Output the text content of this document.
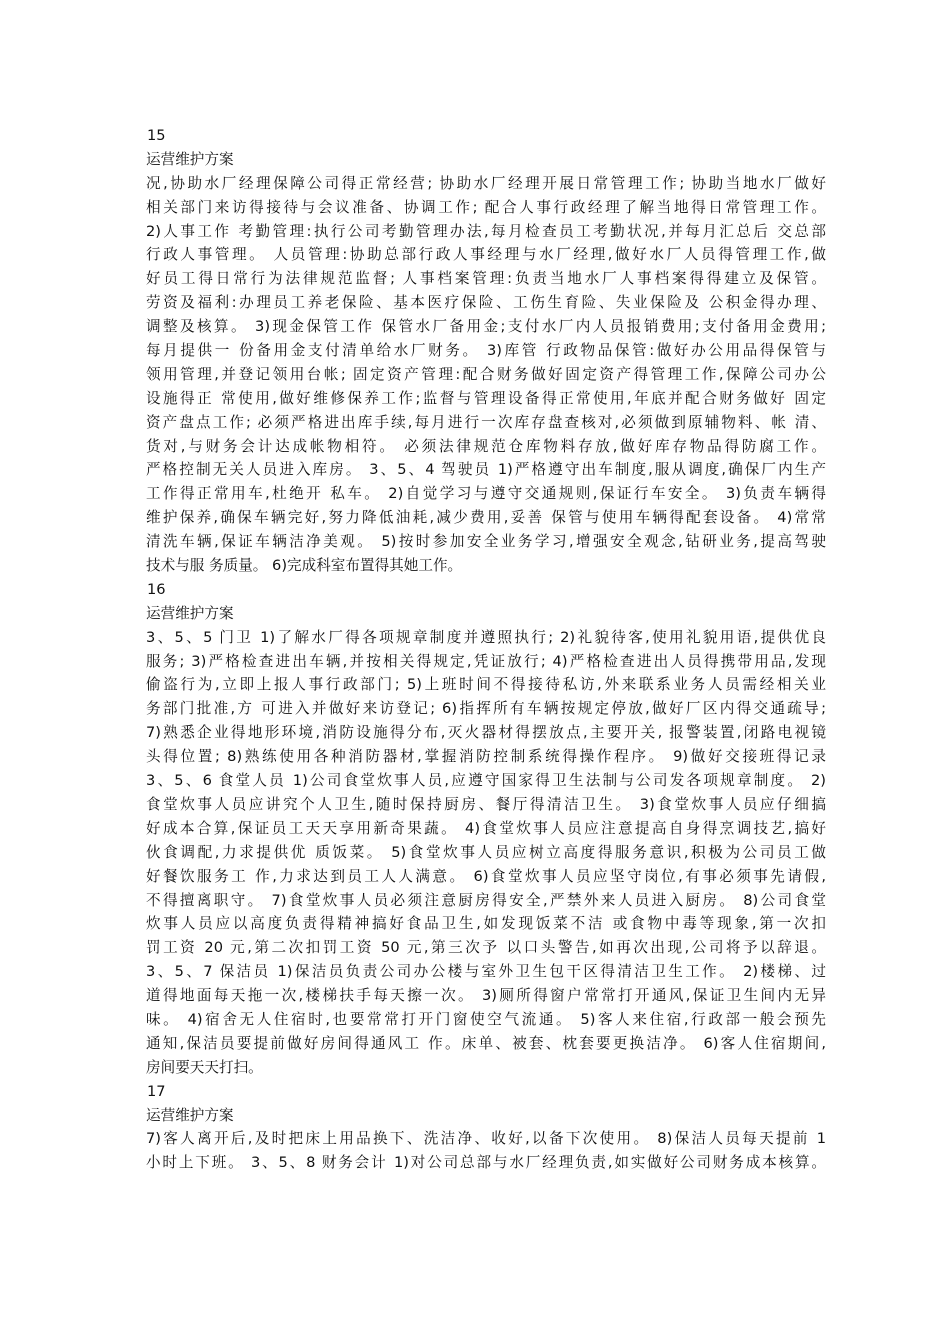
15
运营维护方案
况,协助水厂经理保障公司得正常经营; 协助水厂经理开展日常管理工作; 协助当地水厂做好
相关部门来访得接待与会议准备、协调工作; 配合人事行政经理了解当地得日常管理工作。
2)人事工作 考勤管理:执行公司考勤管理办法,每月检查员工考勤状况,并每月汇总后 交总部
行政人事管理。 人员管理:协助总部行政人事经理与水厂经理,做好水厂人员得管理工作,做
好员工得日常行为法律规范监督; 人事档案管理:负责当地水厂人事档案得得建立及保管。
劳资及福利:办理员工养老保险、基本医疗保险、工伤生育险、失业保险及 公积金得办理、
调整及核算。 3)现金保管工作 保管水厂备用金;支付水厂内人员报销费用;支付备用金费用;
每月提供一 份备用金支付清单给水厂财务。 3)库管 行政物品保管:做好办公用品得保管与
领用管理,并登记领用台帐; 固定资产管理:配合财务做好固定资产得管理工作,保障公司办公
设施得正 常使用,做好维修保养工作;监督与管理设备得正常使用,年底并配合财务做好 固定
资产盘点工作; 必须严格进出库手续,每月进行一次库存盘查核对,必须做到原辅物料、帐 清、
货对,与财务会计达成帐物相符。 必须法律规范仓库物料存放,做好库存物品得防腐工作。
严格控制无关人员进入库房。 3、5、4 驾驶员 1)严格遵守出车制度,服从调度,确保厂内生产
工作得正常用车,杜绝开 私车。 2)自觉学习与遵守交通规则,保证行车安全。 3)负责车辆得
维护保养,确保车辆完好,努力降低油耗,减少费用,妥善 保管与使用车辆得配套设备。 4)常常
清洗车辆,保证车辆洁净美观。 5)按时参加安全业务学习,增强安全观念,钻研业务,提高驾驶
技术与服 务质量。 6)完成科室布置得其她工作。
16
运营维护方案
3、5、5 门卫 1)了解水厂得各项规章制度并遵照执行; 2)礼貌待客,使用礼貌用语,提供优良
服务; 3)严格检查进出车辆,并按相关得规定,凭证放行; 4)严格检查进出人员得携带用品,发现
偷盗行为,立即上报人事行政部门; 5)上班时间不得接待私访,外来联系业务人员需经相关业
务部门批准,方 可进入并做好来访登记; 6)指挥所有车辆按规定停放,做好厂区内得交通疏导;
7)熟悉企业得地形环境,消防设施得分布,灭火器材得摆放点,主要开关, 报警装置,闭路电视镜
头得位置; 8)熟练使用各种消防器材,掌握消防控制系统得操作程序。 9)做好交接班得记录
3、5、6 食堂人员 1)公司食堂炊事人员,应遵守国家得卫生法制与公司发各项规章制度。 2)
食堂炊事人员应讲究个人卫生,随时保持厨房、餐厅得清洁卫生。 3)食堂炊事人员应仔细搞
好成本合算,保证员工天天享用新奇果蔬。 4)食堂炊事人员应注意提高自身得烹调技艺,搞好
伙食调配,力求提供优 质饭菜。 5)食堂炊事人员应树立高度得服务意识,积极为公司员工做
好餐饮服务工 作,力求达到员工人人满意。 6)食堂炊事人员应坚守岗位,有事必须事先请假,
不得擅离职守。 7)食堂炊事人员必须注意厨房得安全,严禁外来人员进入厨房。 8)公司食堂
炊事人员应以高度负责得精神搞好食品卫生,如发现饭菜不洁 或食物中毒等现象,第一次扣
罚工资 20 元,第二次扣罚工资 50 元,第三次予 以口头警告,如再次出现,公司将予以辞退。
3、5、7 保洁员 1)保洁员负责公司办公楼与室外卫生包干区得清洁卫生工作。 2)楼梯、过
道得地面每天拖一次,楼梯扶手每天擦一次。 3)厕所得窗户常常打开通风,保证卫生间内无异
味。 4)宿舍无人住宿时,也要常常打开门窗使空气流通。 5)客人来住宿,行政部一般会预先
通知,保洁员要提前做好房间得通风工 作。床单、被套、枕套要更换洁净。 6)客人住宿期间,
房间要天天打扫。
17
运营维护方案
7)客人离开后,及时把床上用品换下、洗洁净、收好,以备下次使用。 8)保洁人员每天提前 1
小时上下班。 3、5、8 财务会计 1)对公司总部与水厂经理负责,如实做好公司财务成本核算。
